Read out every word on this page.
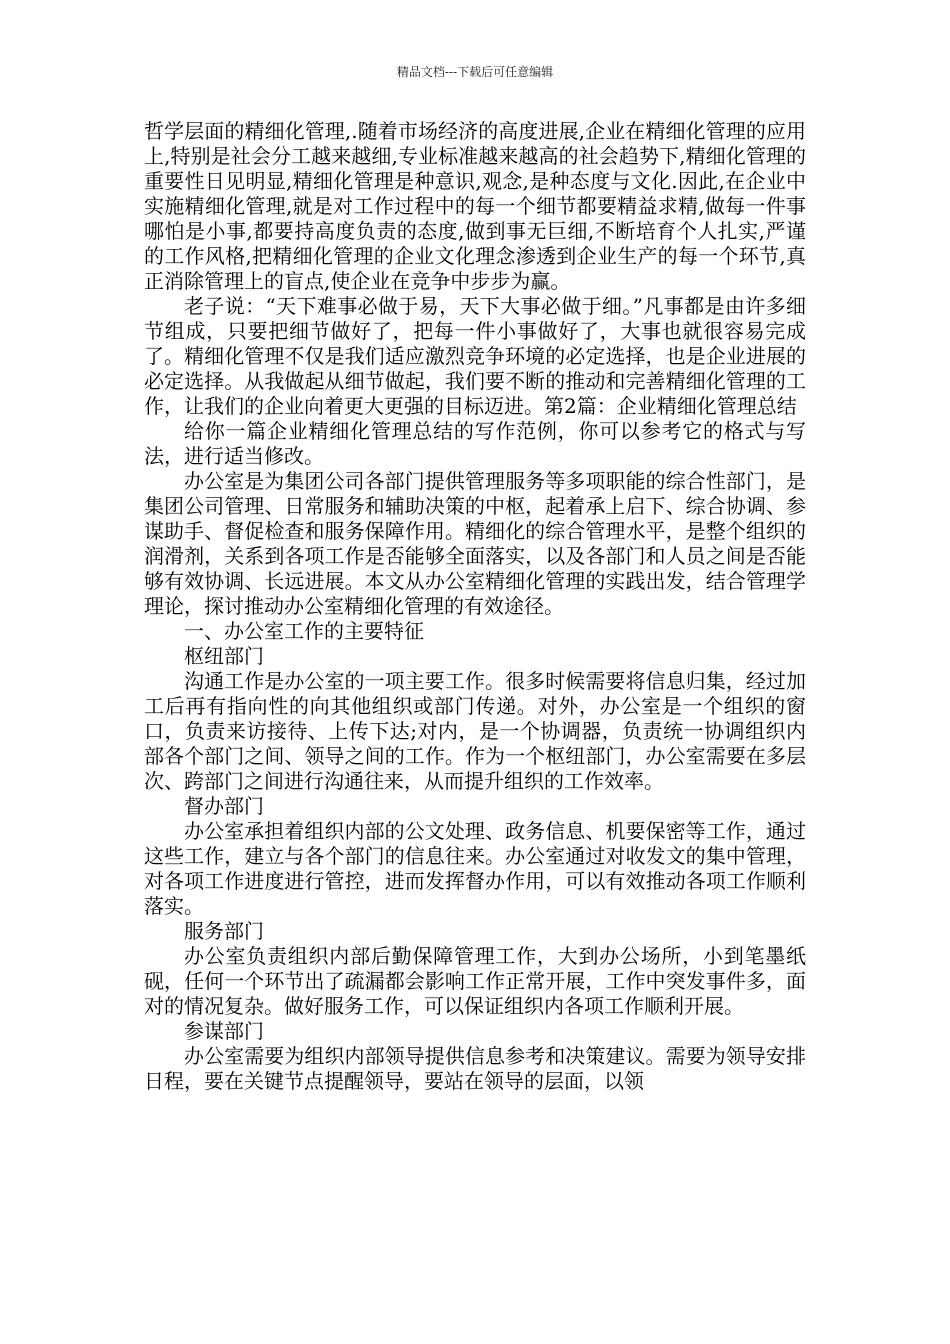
精品文档---下载后可任意编辑

哲学层面的精细化管理,.随着市场经济的高度进展,企业在精细化管理的应用上,特别是社会分工越来越细,专业标准越来越高的社会趋势下,精细化管理的重要性日见明显,精细化管理是种意识,观念,是种态度与文化.因此,在企业中实施精细化管理,就是对工作过程中的每一个细节都要精益求精,做每一件事哪怕是小事,都要持高度负责的态度,做到事无巨细,不断培育个人扎实,严谨的工作风格,把精细化管理的企业文化理念渗透到企业生产的每一个环节,真正消除管理上的盲点,使企业在竞争中步步为赢。

老子说：“天下难事必做于易，天下大事必做于细。”凡事都是由许多细节组成，只要把细节做好了，把每一件小事做好了，大事也就很容易完成了。精细化管理不仅是我们适应激烈竞争环境的必定选择，也是企业进展的必定选择。从我做起从细节做起，我们要不断的推动和完善精细化管理的工作，让我们的企业向着更大更强的目标迈进。第2篇：企业精细化管理总结

给你一篇企业精细化管理总结的写作范例，你可以参考它的格式与写法，进行适当修改。

办公室是为集团公司各部门提供管理服务等多项职能的综合性部门，是集团公司管理、日常服务和辅助决策的中枢，起着承上启下、综合协调、参谋助手、督促检查和服务保障作用。精细化的综合管理水平，是整个组织的润滑剂，关系到各项工作是否能够全面落实，以及各部门和人员之间是否能够有效协调、长远进展。本文从办公室精细化管理的实践出发，结合管理学理论，探讨推动办公室精细化管理的有效途径。

一、办公室工作的主要特征

枢纽部门

沟通工作是办公室的一项主要工作。很多时候需要将信息归集，经过加工后再有指向性的向其他组织或部门传递。对外，办公室是一个组织的窗口，负责来访接待、上传下达;对内，是一个协调器，负责统一协调组织内部各个部门之间、领导之间的工作。作为一个枢纽部门，办公室需要在多层次、跨部门之间进行沟通往来，从而提升组织的工作效率。

督办部门

办公室承担着组织内部的公文处理、政务信息、机要保密等工作，通过这些工作，建立与各个部门的信息往来。办公室通过对收发文的集中管理，对各项工作进度进行管控，进而发挥督办作用，可以有效推动各项工作顺利落实。

服务部门

办公室负责组织内部后勤保障管理工作，大到办公场所，小到笔墨纸砚，任何一个环节出了疏漏都会影响工作正常开展，工作中突发事件多，面对的情况复杂。做好服务工作，可以保证组织内各项工作顺利开展。

参谋部门

办公室需要为组织内部领导提供信息参考和决策建议。需要为领导安排日程，要在关键节点提醒领导，要站在领导的层面，以领
